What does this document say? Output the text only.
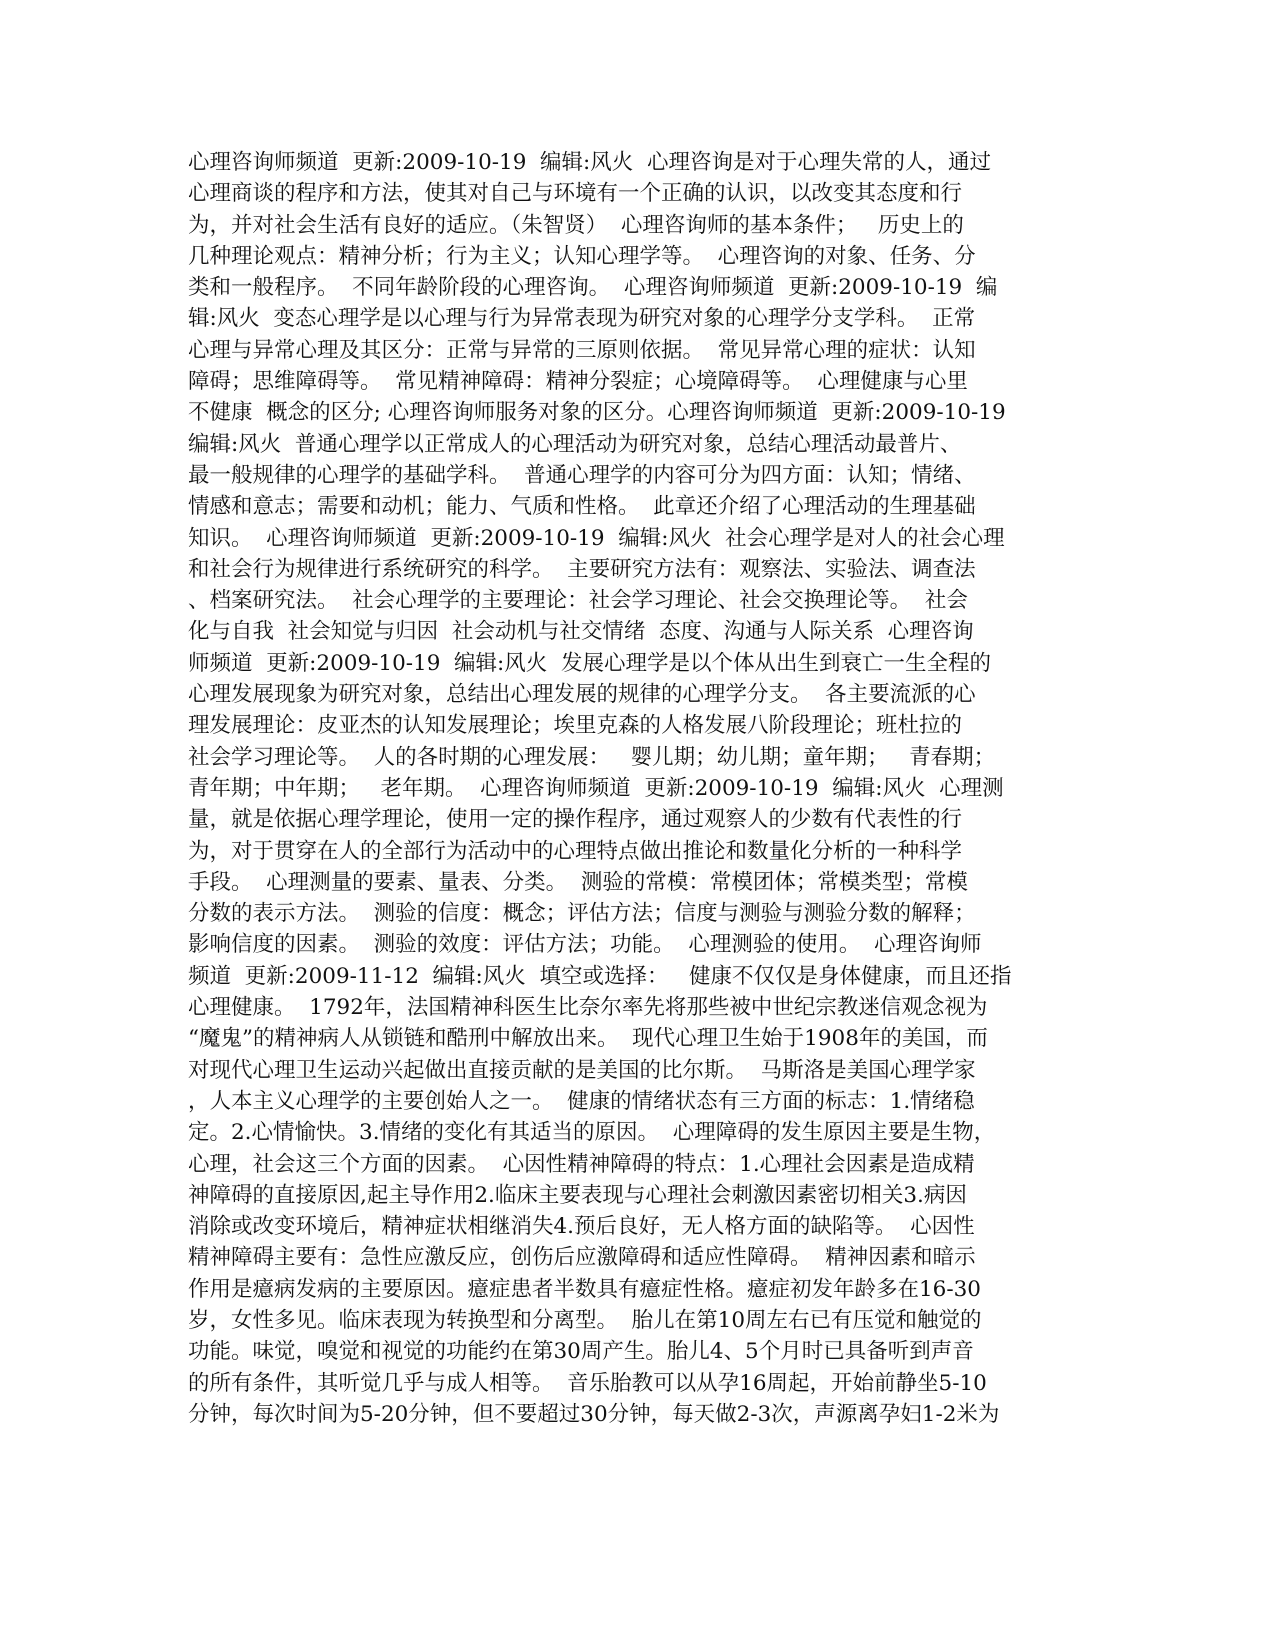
心理咨询师频道  更新:2009-10-19  编辑:风火  心理咨询是对于心理失常的人，通过
心理商谈的程序和方法，使其对自己与环境有一个正确的认识，以改变其态度和行
为，并对社会生活有良好的适应。（朱智贤）  心理咨询师的基本条件；   历史上的
几种理论观点：精神分析；行为主义；认知心理学等。  心理咨询的对象、任务、分
类和一般程序。  不同年龄阶段的心理咨询。  心理咨询师频道  更新:2009-10-19  编
辑:风火  变态心理学是以心理与行为异常表现为研究对象的心理学分支学科。  正常
心理与异常心理及其区分：正常与异常的三原则依据。  常见异常心理的症状：认知
障碍；思维障碍等。  常见精神障碍：精神分裂症；心境障碍等。  心理健康与心里
不健康  概念的区分; 心理咨询师服务对象的区分。心理咨询师频道  更新:2009-10-19
编辑:风火  普通心理学以正常成人的心理活动为研究对象，总结心理活动最普片、
最一般规律的心理学的基础学科。  普通心理学的内容可分为四方面：认知；情绪、
情感和意志；需要和动机；能力、气质和性格。  此章还介绍了心理活动的生理基础
知识。  心理咨询师频道  更新:2009-10-19  编辑:风火  社会心理学是对人的社会心理
和社会行为规律进行系统研究的科学。  主要研究方法有：观察法、实验法、调查法
、档案研究法。  社会心理学的主要理论：社会学习理论、社会交换理论等。  社会
化与自我  社会知觉与归因  社会动机与社交情绪  态度、沟通与人际关系  心理咨询
师频道  更新:2009-10-19  编辑:风火  发展心理学是以个体从出生到衰亡一生全程的
心理发展现象为研究对象，总结出心理发展的规律的心理学分支。  各主要流派的心
理发展理论：皮亚杰的认知发展理论；埃里克森的人格发展八阶段理论；班杜拉的
社会学习理论等。  人的各时期的心理发展：   婴儿期；幼儿期；童年期；   青春期；
青年期；中年期；   老年期。  心理咨询师频道  更新:2009-10-19  编辑:风火  心理测
量，就是依据心理学理论，使用一定的操作程序，通过观察人的少数有代表性的行
为，对于贯穿在人的全部行为活动中的心理特点做出推论和数量化分析的一种科学
手段。  心理测量的要素、量表、分类。  测验的常模：常模团体；常模类型；常模
分数的表示方法。  测验的信度：概念；评估方法；信度与测验与测验分数的解释；
影响信度的因素。  测验的效度：评估方法；功能。  心理测验的使用。  心理咨询师
频道  更新:2009-11-12  编辑:风火  填空或选择：   健康不仅仅是身体健康，而且还指
心理健康。  1792年，法国精神科医生比奈尔率先将那些被中世纪宗教迷信观念视为
“魔鬼”的精神病人从锁链和酷刑中解放出来。  现代心理卫生始于1908年的美国，而
对现代心理卫生运动兴起做出直接贡献的是美国的比尔斯。  马斯洛是美国心理学家
，人本主义心理学的主要创始人之一。  健康的情绪状态有三方面的标志：1.情绪稳
定。2.心情愉快。3.情绪的变化有其适当的原因。  心理障碍的发生原因主要是生物，
心理，社会这三个方面的因素。  心因性精神障碍的特点：1.心理社会因素是造成精
神障碍的直接原因,起主导作用2.临床主要表现与心理社会刺激因素密切相关3.病因
消除或改变环境后，精神症状相继消失4.预后良好，无人格方面的缺陷等。  心因性
精神障碍主要有：急性应激反应，创伤后应激障碍和适应性障碍。  精神因素和暗示
作用是癔病发病的主要原因。癔症患者半数具有癔症性格。癔症初发年龄多在16-30
岁，女性多见。临床表现为转换型和分离型。  胎儿在第10周左右已有压觉和触觉的
功能。味觉，嗅觉和视觉的功能约在第30周产生。胎儿4、5个月时已具备听到声音
的所有条件，其听觉几乎与成人相等。  音乐胎教可以从孕16周起，开始前静坐5-10
分钟，每次时间为5-20分钟，但不要超过30分钟，每天做2-3次，声源离孕妇1-2米为
